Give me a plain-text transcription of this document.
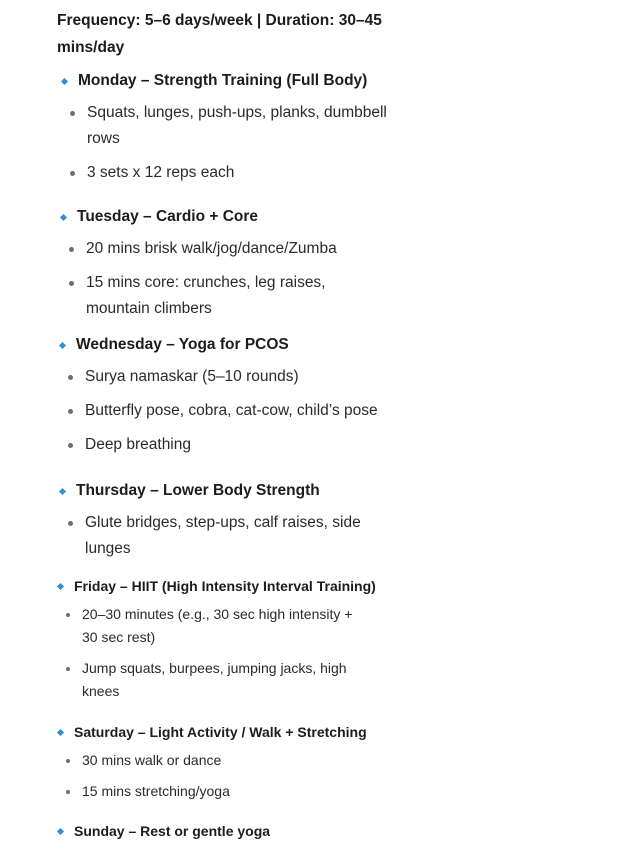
Frequency: 5–6 days/week | Duration: 30–45 mins/day
Monday – Strength Training (Full Body)
Squats, lunges, push-ups, planks, dumbbell rows
3 sets x 12 reps each
Tuesday – Cardio + Core
20 mins brisk walk/jog/dance/Zumba
15 mins core: crunches, leg raises, mountain climbers
Wednesday – Yoga for PCOS
Surya namaskar (5–10 rounds)
Butterfly pose, cobra, cat-cow, child’s pose
Deep breathing
Thursday – Lower Body Strength
Glute bridges, step-ups, calf raises, side lunges
Friday – HIIT (High Intensity Interval Training)
20–30 minutes (e.g., 30 sec high intensity + 30 sec rest)
Jump squats, burpees, jumping jacks, high knees
Saturday – Light Activity / Walk + Stretching
30 mins walk or dance
15 mins stretching/yoga
Sunday – Rest or gentle yoga
